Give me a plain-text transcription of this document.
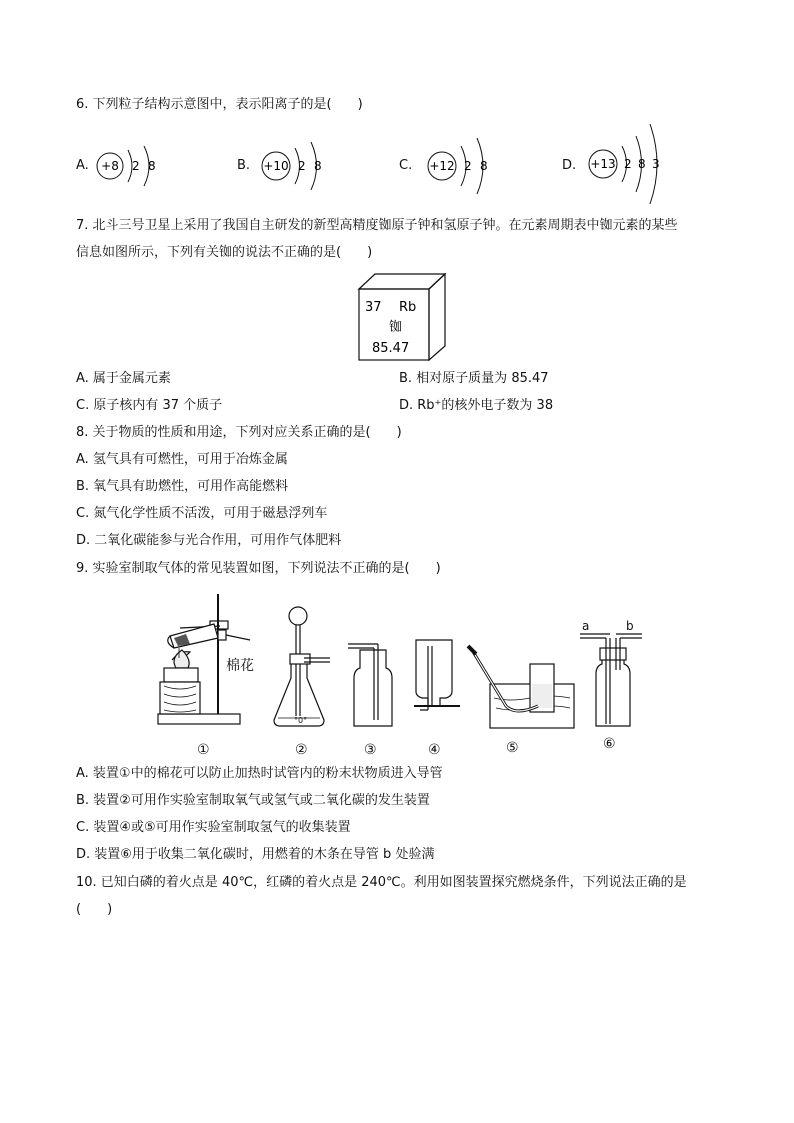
6. 下列粒子结构示意图中，表示阳离子的是(　　)
A. +8 2 8	B. +10 2 8	C. +12 2 8	D. +13 2 8 3
7. 北斗三号卫星上采用了我国自主研发的新型高精度铷原子钟和氢原子钟。在元素周期表中铷元素的某些
信息如图所示，下列有关铷的说法不正确的是(　　)
37 Rb
铷
85.47
A. 属于金属元素	B. 相对原子质量为 85.47
C. 原子核内有 37 个质子	D. Rb⁺的核外电子数为 38
8. 关于物质的性质和用途，下列对应关系正确的是(　　)
A. 氢气具有可燃性，可用于冶炼金属
B. 氧气具有助燃性，可用作高能燃料
C. 氮气化学性质不活泼，可用于磁悬浮列车
D. 二氧化碳能参与光合作用，可用作气体肥料
9. 实验室制取气体的常见装置如图，下列说法不正确的是(　　)
棉花
°0°
a	b
①	②	③	④	⑤	⑥
A. 装置①中的棉花可以防止加热时试管内的粉末状物质进入导管
B. 装置②可用作实验室制取氧气或氢气或二氧化碳的发生装置
C. 装置④或⑤可用作实验室制取氢气的收集装置
D. 装置⑥用于收集二氧化碳时，用燃着的木条在导管 b 处验满
10. 已知白磷的着火点是 40℃，红磷的着火点是 240℃。利用如图装置探究燃烧条件，下列说法正确的是
(　　)
